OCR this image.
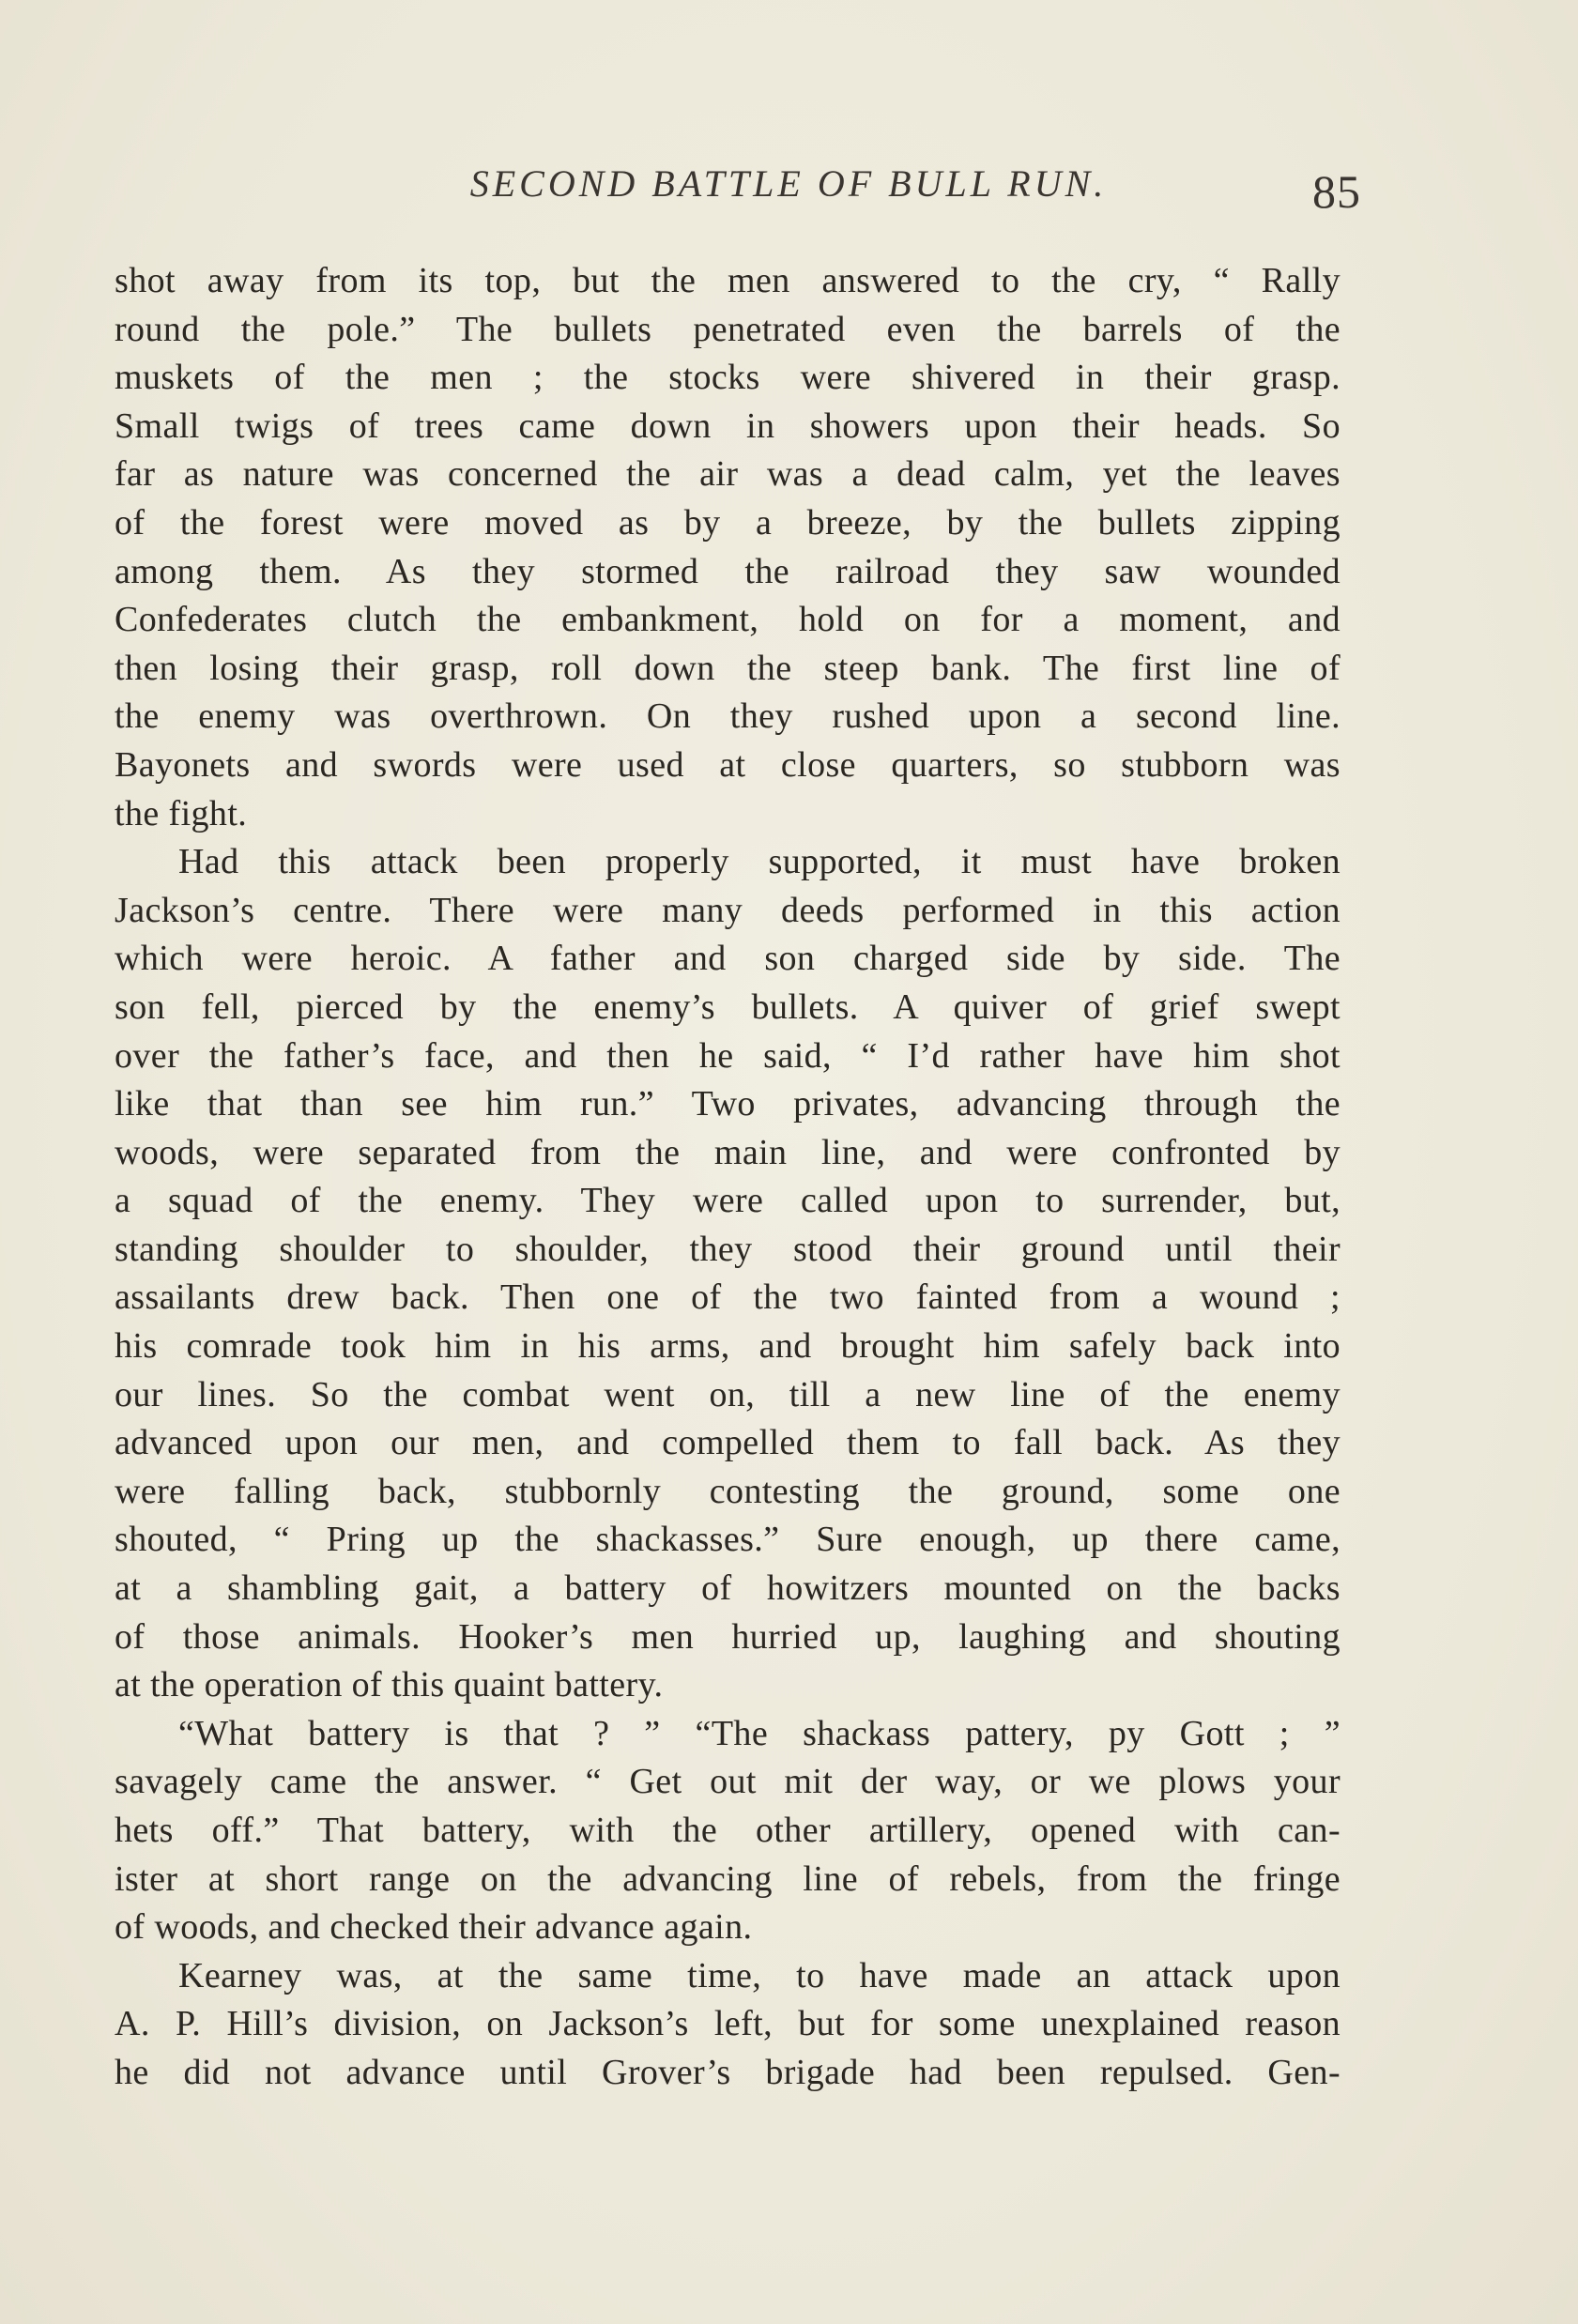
SECOND BATTLE OF BULL RUN.	85
shot away from its top, but the men answered to the cry, “ Rally
round the pole.” The bullets penetrated even the barrels of the
muskets of the men ; the stocks were shivered in their grasp.
Small twigs of trees came down in showers upon their heads. So
far as nature was concerned the air was a dead calm, yet the leaves
of the forest were moved as by a breeze, by the bullets zipping
among them. As they stormed the railroad they saw wounded
Confederates clutch the embankment, hold on for a moment, and
then losing their grasp, roll down the steep bank. The first line of
the enemy was overthrown. On they rushed upon a second line.
Bayonets and swords were used at close quarters, so stubborn was
the fight.
Had this attack been properly supported, it must have broken
Jackson’s centre. There were many deeds performed in this action
which were heroic. A father and son charged side by side. The
son fell, pierced by the enemy’s bullets. A quiver of grief swept
over the father’s face, and then he said, “ I’d rather have him shot
like that than see him run.” Two privates, advancing through the
woods, were separated from the main line, and were confronted by
a squad of the enemy. They were called upon to surrender, but,
standing shoulder to shoulder, they stood their ground until their
assailants drew back. Then one of the two fainted from a wound ;
his comrade took him in his arms, and brought him safely back into
our lines. So the combat went on, till a new line of the enemy
advanced upon our men, and compelled them to fall back. As they
were falling back, stubbornly contesting the ground, some one
shouted, “ Pring up the shackasses.” Sure enough, up there came,
at a shambling gait, a battery of howitzers mounted on the backs
of those animals. Hooker’s men hurried up, laughing and shouting
at the operation of this quaint battery.
“What battery is that ? ” “The shackass pattery, py Gott ; ”
savagely came the answer. “ Get out mit der way, or we plows your
hets off.” That battery, with the other artillery, opened with can-
ister at short range on the advancing line of rebels, from the fringe
of woods, and checked their advance again.
Kearney was, at the same time, to have made an attack upon
A. P. Hill’s division, on Jackson’s left, but for some unexplained reason
he did not advance until Grover’s brigade had been repulsed. Gen-
